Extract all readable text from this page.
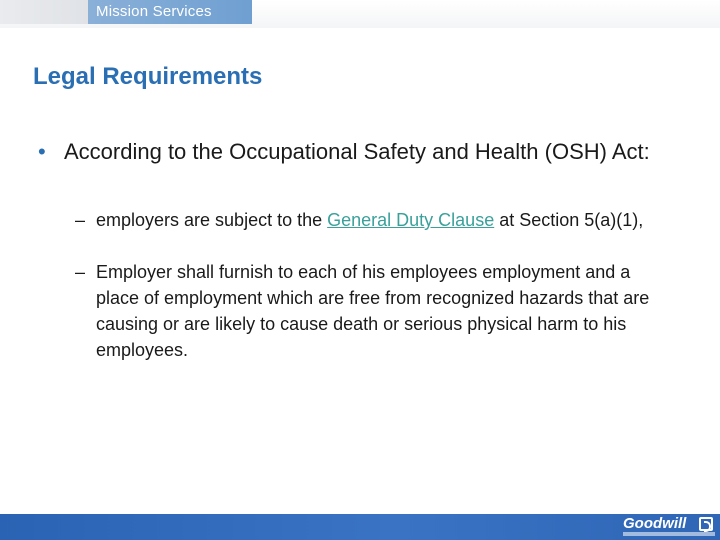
Mission Services
Legal Requirements
• According to the Occupational Safety and Health (OSH) Act:
– employers are subject to the General Duty Clause at Section 5(a)(1),
– Employer shall furnish to each of his employees employment and a place of employment which are free from recognized hazards that are causing or are likely to cause death or serious physical harm to his employees.
Goodwill
